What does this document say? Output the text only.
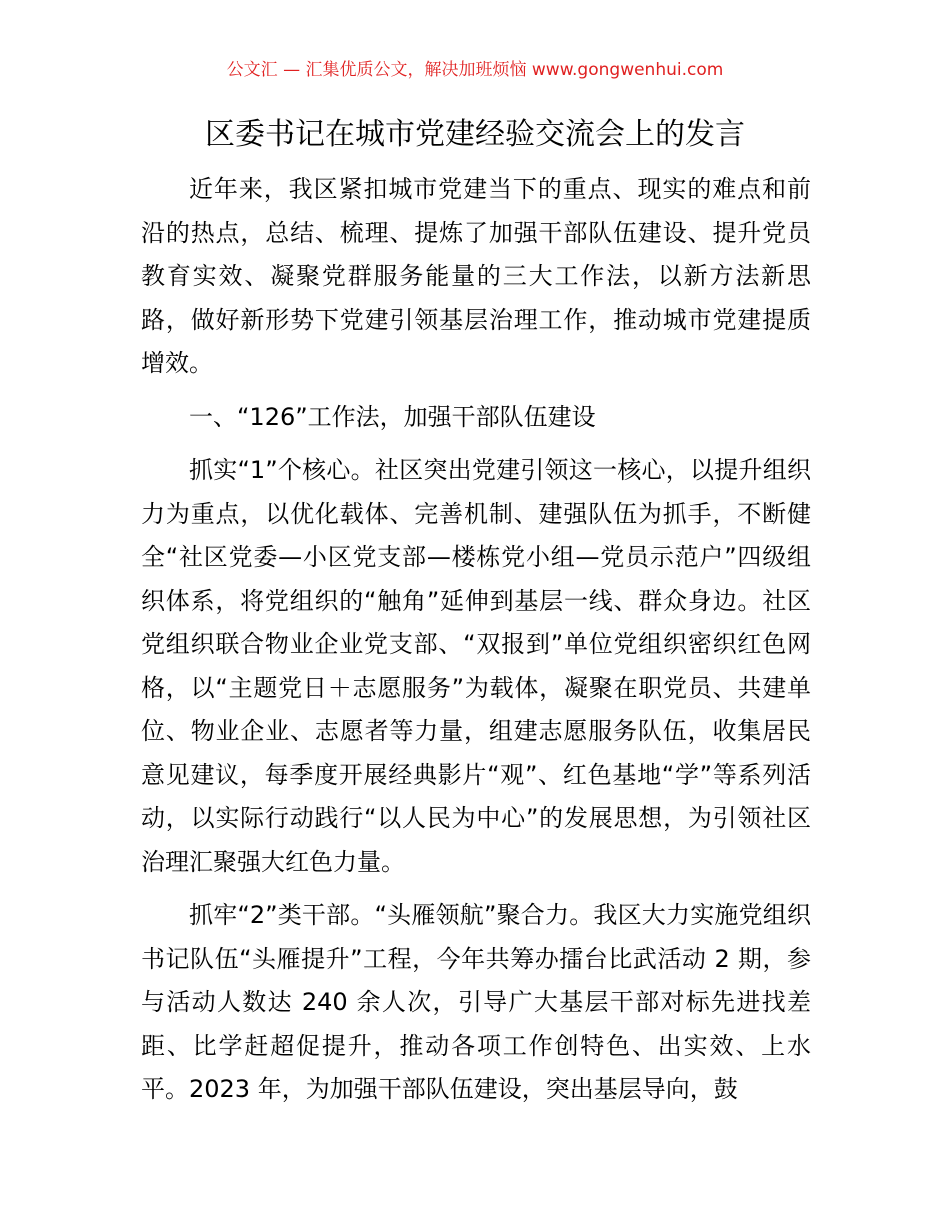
公文汇 — 汇集优质公文，解决加班烦恼 www.gongwenhui.com
区委书记在城市党建经验交流会上的发言

近年来，我区紧扣城市党建当下的重点、现实的难点和前沿的热点，总结、梳理、提炼了加强干部队伍建设、提升党员教育实效、凝聚党群服务能量的三大工作法，以新方法新思路，做好新形势下党建引领基层治理工作，推动城市党建提质增效。

一、“126”工作法，加强干部队伍建设

抓实“1”个核心。社区突出党建引领这一核心，以提升组织力为重点，以优化载体、完善机制、建强队伍为抓手，不断健全“社区党委—小区党支部—楼栋党小组—党员示范户”四级组织体系，将党组织的“触角”延伸到基层一线、群众身边。社区党组织联合物业企业党支部、“双报到”单位党组织密织红色网格，以“主题党日＋志愿服务”为载体，凝聚在职党员、共建单位、物业企业、志愿者等力量，组建志愿服务队伍，收集居民意见建议，每季度开展经典影片“观”、红色基地“学”等系列活动，以实际行动践行“以人民为中心”的发展思想，为引领社区治理汇聚强大红色力量。

抓牢“2”类干部。“头雁领航”聚合力。我区大力实施党组织书记队伍“头雁提升”工程，今年共筹办擂台比武活动 2 期，参与活动人数达 240 余人次，引导广大基层干部对标先进找差距、比学赶超促提升，推动各项工作创特色、出实效、上水平。2023 年，为加强干部队伍建设，突出基层导向，鼓
